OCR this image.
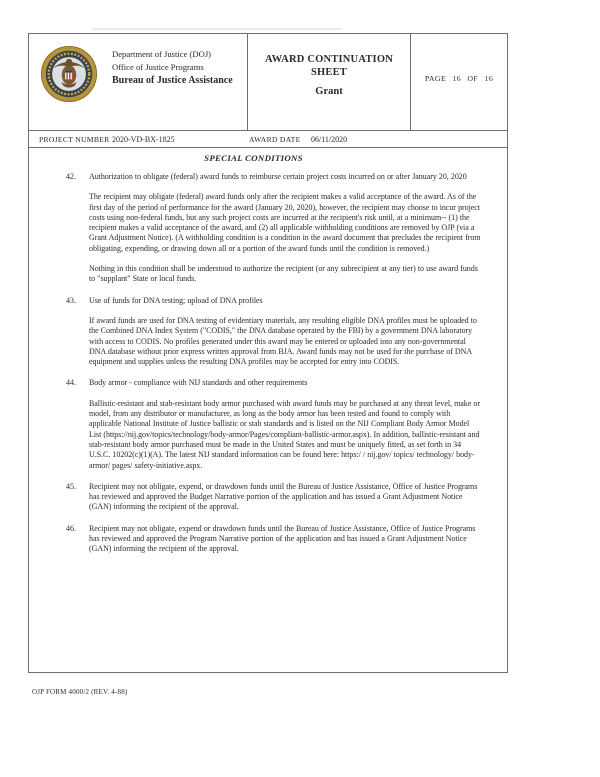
Department of Justice (DOJ)
Office of Justice Programs
Bureau of Justice Assistance
AWARD CONTINUATION
SHEET
Grant
PAGE 16 OF 16
PROJECT NUMBER 2020-VD-BX-1825	AWARD DATE 06/11/2020
SPECIAL CONDITIONS
42.	Authorization to obligate (federal) award funds to reimburse certain project costs incurred on or after January 20, 2020

The recipient may obligate (federal) award funds only after the recipient makes a valid acceptance of the award. As of the first day of the period of performance for the award (January 20, 2020), however, the recipient may choose to incur project costs using non-federal funds, but any such project costs are incurred at the recipient's risk until, at a minimum-- (1) the recipient makes a valid acceptance of the award, and (2) all applicable withholding conditions are removed by OJP (via a Grant Adjustment Notice). (A withholding condition is a condition in the award document that precludes the recipient from obligating, expending, or drawing down all or a portion of the award funds until the condition is removed.)

Nothing in this condition shall be understood to authorize the recipient (or any subrecipient at any tier) to use award funds to "supplant" State or local funds.

43.	Use of funds for DNA testing; upload of DNA profiles

If award funds are used for DNA testing of evidentiary materials, any resulting eligible DNA profiles must be uploaded to the Combined DNA Index System ("CODIS," the DNA database operated by the FBI) by a government DNA laboratory with access to CODIS. No profiles generated under this award may be entered or uploaded into any non-governmental DNA database without prior express written approval from BJA. Award funds may not be used for the purchase of DNA equipment and supplies unless the resulting DNA profiles may be accepted for entry into CODIS.

44.	Body armor - compliance with NIJ standards and other requirements

Ballistic-resistant and stab-resistant body armor purchased with award funds may be purchased at any threat level, make or model, from any distributor or manufacturer, as long as the body armor has been tested and found to comply with applicable National Institute of Justice ballistic or stab standards and is listed on the NIJ Compliant Body Armor Model List (https://nij.gov/topics/technology/body-armor/Pages/compliant-ballistic-armor.aspx). In addition, ballistic-resistant and stab-resistant body armor purchased must be made in the United States and must be uniquely fitted, as set forth in 34 U.S.C. 10202(c)(1)(A). The latest NIJ standard information can be found here: https:/ / nij.gov/ topics/ technology/ body-armor/ pages/ safety-initiative.aspx.

45.	Recipient may not obligate, expend, or drawdown funds until the Bureau of Justice Assistance, Office of Justice Programs has reviewed and approved the Budget Narrative portion of the application and has issued a Grant Adjustment Notice (GAN) informing the recipient of the approval.

46.	Recipient may not obligate, expend or drawdown funds until the Bureau of Justice Assistance, Office of Justice Programs has reviewed and approved the Program Narrative portion of the application and has issued a Grant Adjustment Notice (GAN) informing the recipient of the approval.

OJP FORM 4000/2 (REV. 4-88)
